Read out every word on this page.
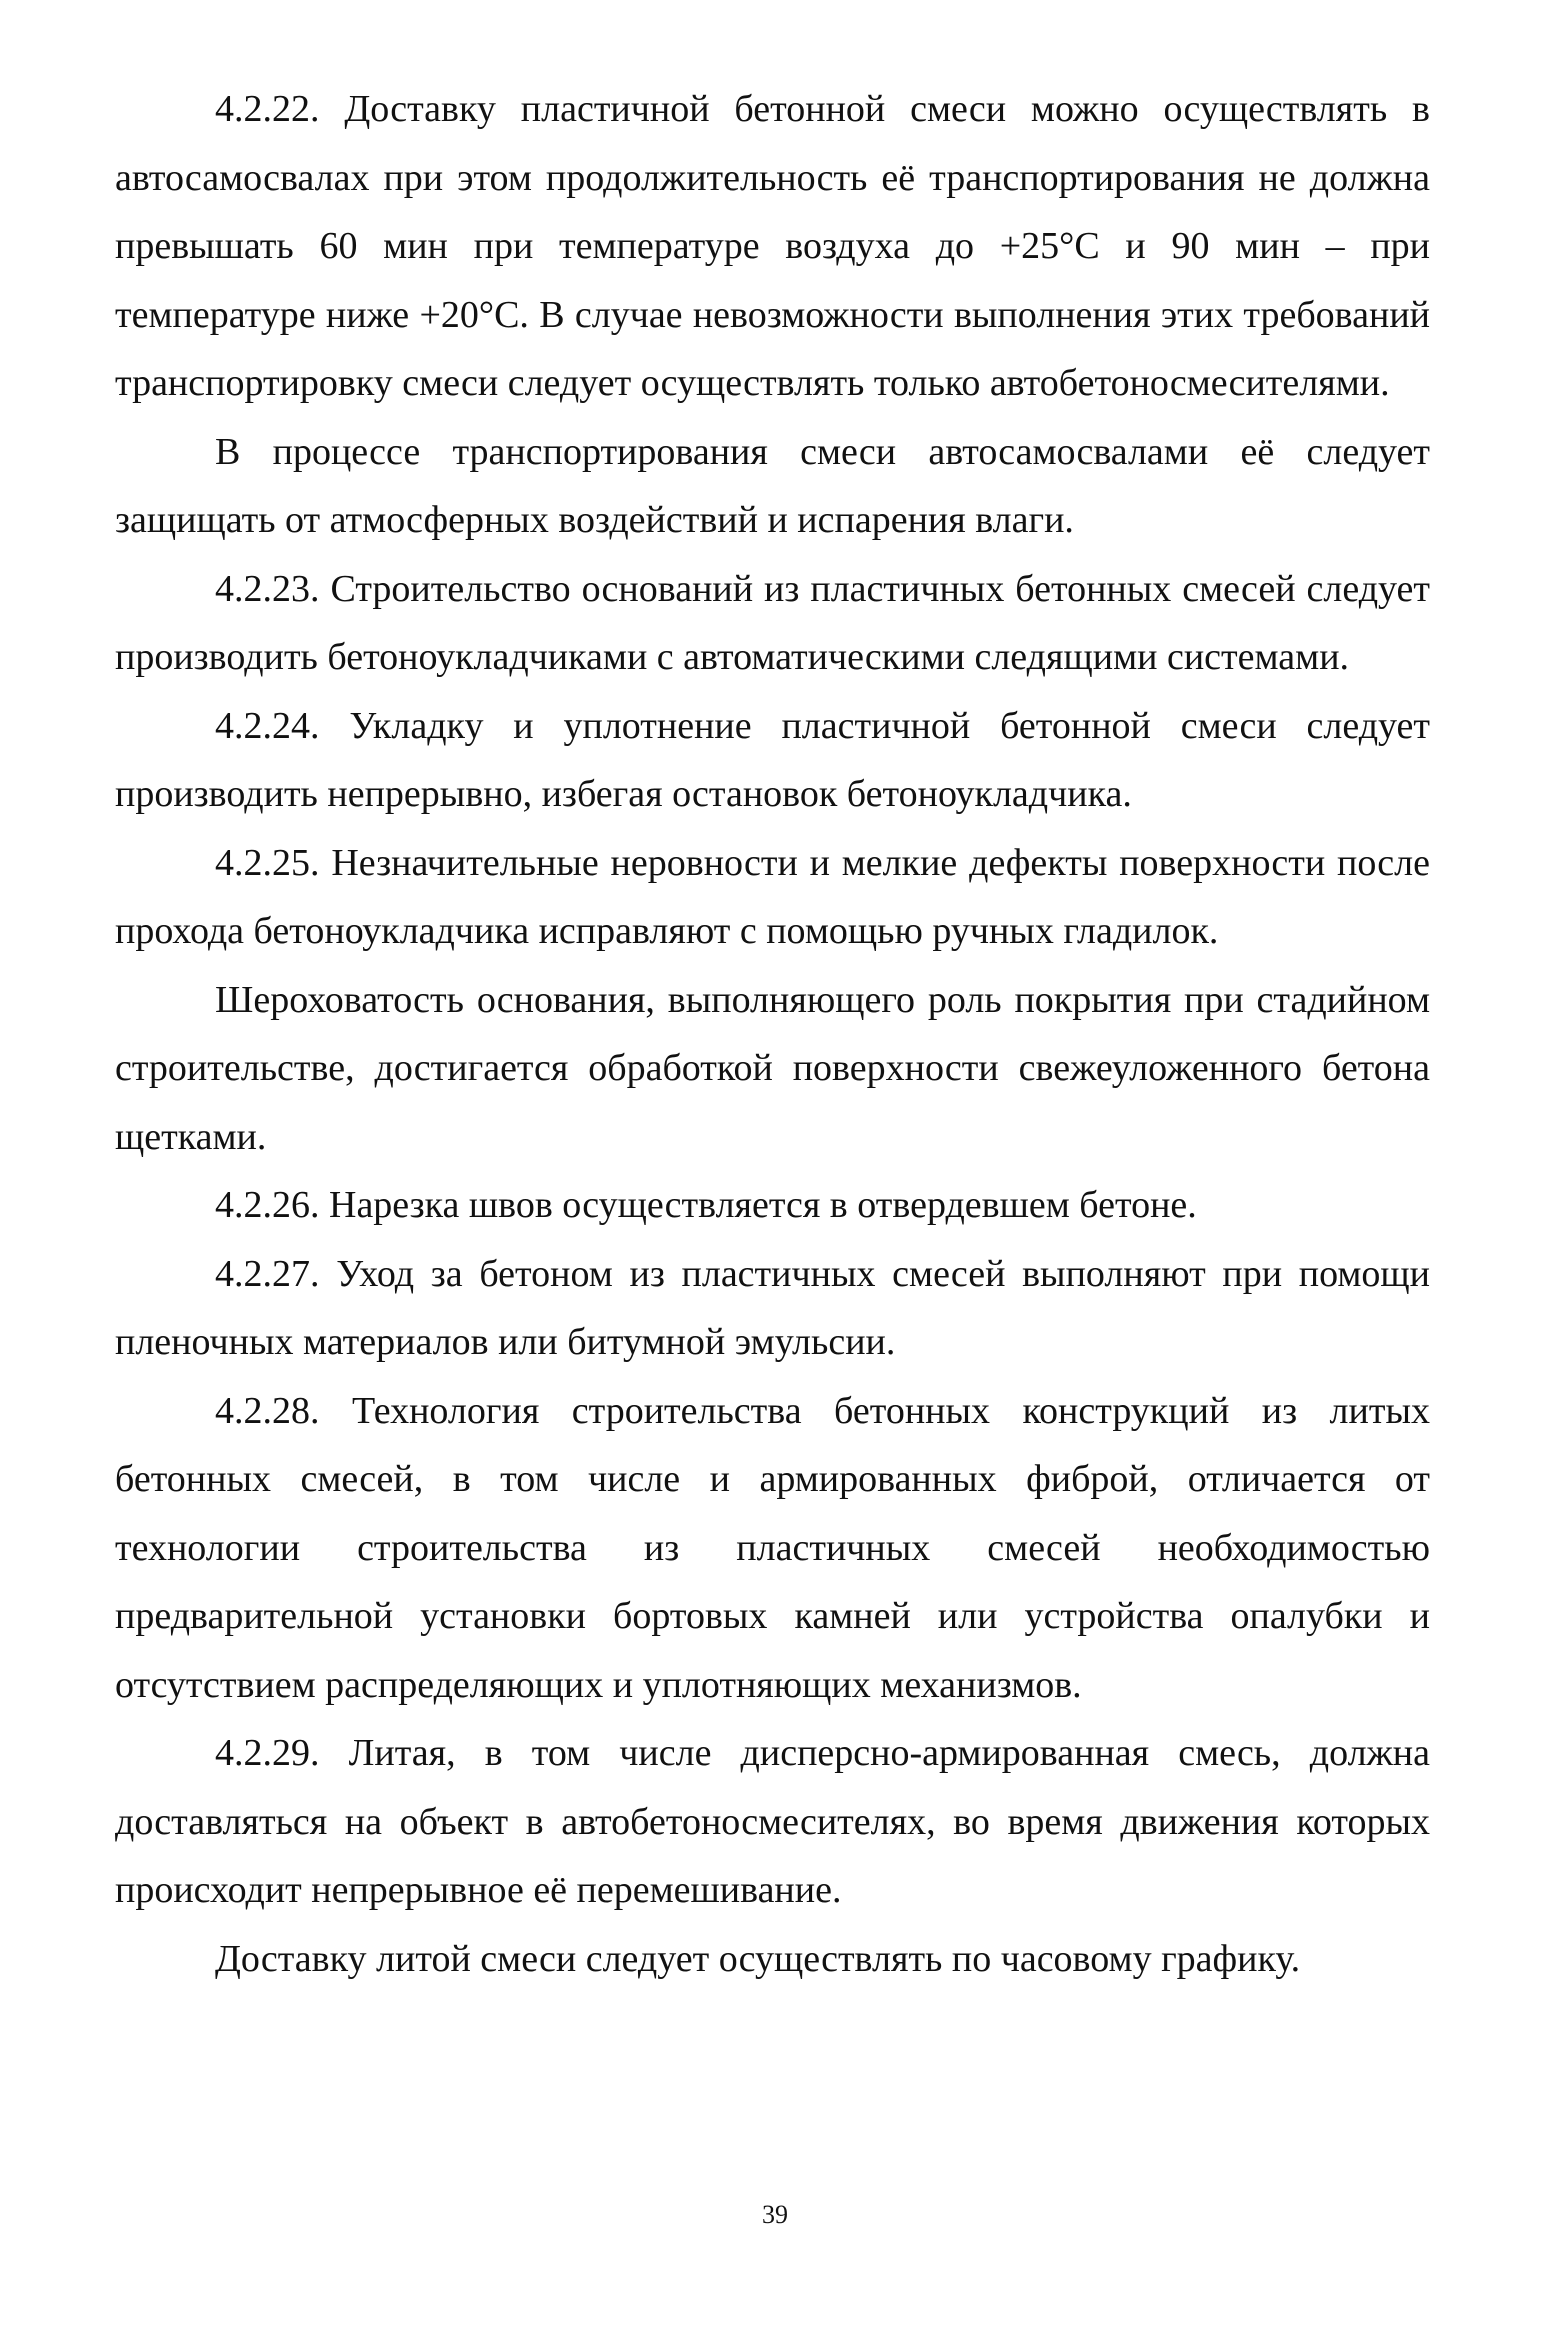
4.2.22. Доставку пластичной бетонной смеси можно осуществлять в автосамосвалах при этом продолжительность её транспортирования не должна превышать 60 мин при температуре воздуха до +25°С и 90 мин – при температуре ниже +20°С. В случае невозможности выполнения этих требований транспортировку смеси следует осуществлять только автобетоносмесителями.

В процессе транспортирования смеси автосамосвалами её следует защищать от атмосферных воздействий и испарения влаги.

4.2.23. Строительство оснований из пластичных бетонных смесей следует производить бетоноукладчиками с автоматическими следящими системами.

4.2.24. Укладку и уплотнение пластичной бетонной смеси следует производить непрерывно, избегая остановок бетоноукладчика.

4.2.25. Незначительные неровности и мелкие дефекты поверхности после прохода бетоноукладчика исправляют с помощью ручных гладилок.

Шероховатость основания, выполняющего роль покрытия при стадийном строительстве, достигается обработкой поверхности свежеуложенного бетона щетками.

4.2.26. Нарезка швов осуществляется в отвердевшем бетоне.

4.2.27. Уход за бетоном из пластичных смесей выполняют при помощи пленочных материалов или битумной эмульсии.

4.2.28. Технология строительства бетонных конструкций из литых бетонных смесей, в том числе и армированных фиброй, отличается от технологии строительства из пластичных смесей необходимостью предварительной установки бортовых камней или устройства опалубки и отсутствием распределяющих и уплотняющих механизмов.

4.2.29. Литая, в том числе дисперсно-армированная смесь, должна доставляться на объект в автобетоносмесителях, во время движения которых происходит непрерывное её перемешивание.

Доставку литой смеси следует осуществлять по часовому графику.

39
